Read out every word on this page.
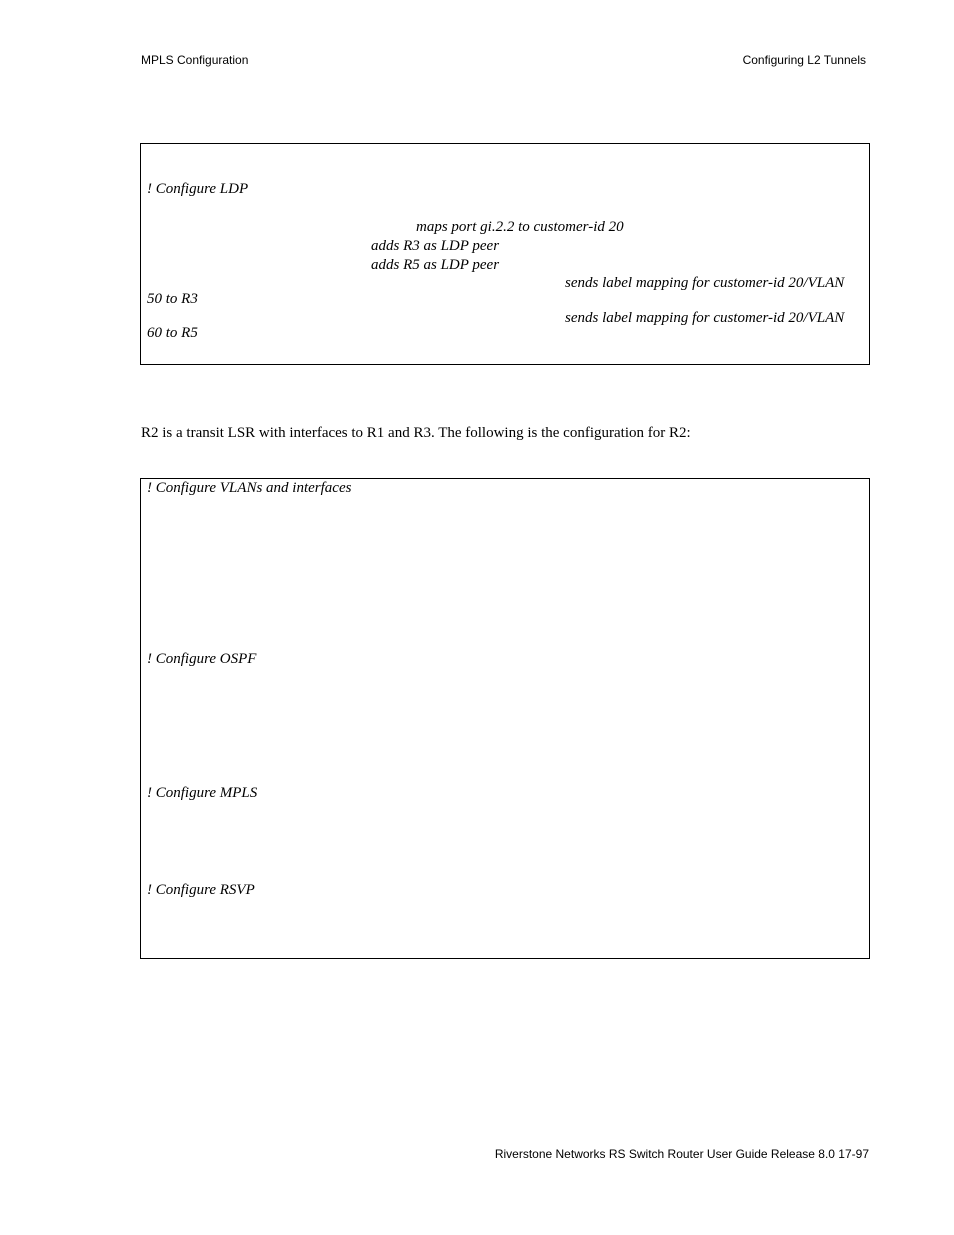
MPLS Configuration	Configuring L2 Tunnels
! Configure LDP
maps port gi.2.2 to customer-id 20
adds R3 as LDP peer
adds R5 as LDP peer
sends label mapping for customer-id 20/VLAN
50 to R3
sends label mapping for customer-id 20/VLAN
60 to R5
R2 is a transit LSR with interfaces to R1 and R3. The following is the configuration for R2:
! Configure VLANs and interfaces
! Configure OSPF
! Configure MPLS
! Configure RSVP
Riverstone Networks RS Switch Router User Guide Release 8.0 17-97
